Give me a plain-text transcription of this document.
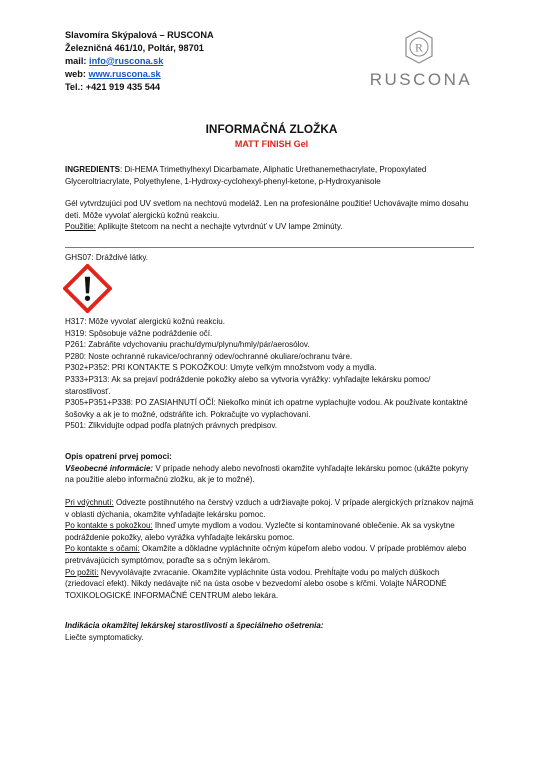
Slavomíra Skýpalová – RUSCONA
Železničná 461/10, Poltár, 98701
mail: info@ruscona.sk
web: www.ruscona.sk
Tel.: +421 919 435 544
R
RUSCONA
INFORMAČNÁ ZLOŽKA
MATT FINISH Gel

INGREDIENTS: Di-HEMA Trimethylhexyl Dicarbamate, Aliphatic Urethanemethacrylate, Propoxylated Glyceroltriacrylate, Polyethylene, 1-Hydroxy-cyclohexyl-phenyl-ketone, p-Hydroxyanisole

Gél vytvrdzujúci pod UV svetlom na nechtovú modeláž. Len na profesionálne použitie! Uchovávajte mimo dosahu detí. Môže vyvolať alergickú kožnú reakciu.

Použitie: Aplikujte štetcom na necht a nechajte vytvrdnúť v UV lampe 2minúty.

GHS07: Dráždivé látky.

H317: Môže vyvolať alergickú kožnú reakciu.

H319: Spôsobuje vážne podráždenie očí.

P261: Zabráňte vdychovaniu prachu/dymu/plynu/hmly/pár/aerosólov.

P280: Noste ochranné rukavice/ochranný odev/ochranné okuliare/ochranu tváre.

P302+P352: PRI KONTAKTE S POKOŽKOU: Umyte veľkým množstvom vody a mydla.

P333+P313: Ak sa prejaví podráždenie pokožky alebo sa vytvoria vyrážky: vyhľadajte lekársku pomoc/ starostlivosť.

P305+P351+P338: PO ZASIAHNUTÍ OČÍ: Niekoľko minút ich opatrne vyplachujte vodou. Ak používate kontaktné šošovky a ak je to možné, odstráňte ich. Pokračujte vo vyplachovaní.

P501: Zlikvidujte odpad podľa platných právnych predpisov.

Opis opatrení prvej pomoci:

Všeobecné informácie: V prípade nehody alebo nevoľnosti okamžite vyhľadajte lekársku pomoc (ukážte pokyny na použitie alebo informačnú zložku, ak je to možné).

Pri vdýchnutí: Odvezte postihnutého na čerstvý vzduch a udržiavajte pokoj. V prípade alergických príznakov najmä v oblasti dýchania, okamžite vyhľadajte lekársku pomoc.

Po kontakte s pokožkou: Ihneď umyte mydlom a vodou. Vyzlečte si kontaminované oblečenie. Ak sa vyskytne podráždenie pokožky, alebo vyrážka vyhľadajte lekársku pomoc.

Po kontakte s očami: Okamžite a dôkladne vypláchnite očným kúpeľom alebo vodou. V prípade problémov alebo pretrvávajúcich symptómov, poraďte sa s očným lekárom.

Po požití: Nevyvolávajte zvracanie. Okamžite vypláchnite ústa vodou. Prehĺtajte vodu po malých dúškoch (zriedovací efekt). Nikdy nedávajte nič na ústa osobe v bezvedomí alebo osobe s kŕčmi. Volajte NÁRODNÉ TOXIKOLOGICKÉ INFORMAČNÉ CENTRUM alebo lekára.

Indikácia okamžitej lekárskej starostlivosti a špeciálneho ošetrenia:

Liečte symptomaticky.
